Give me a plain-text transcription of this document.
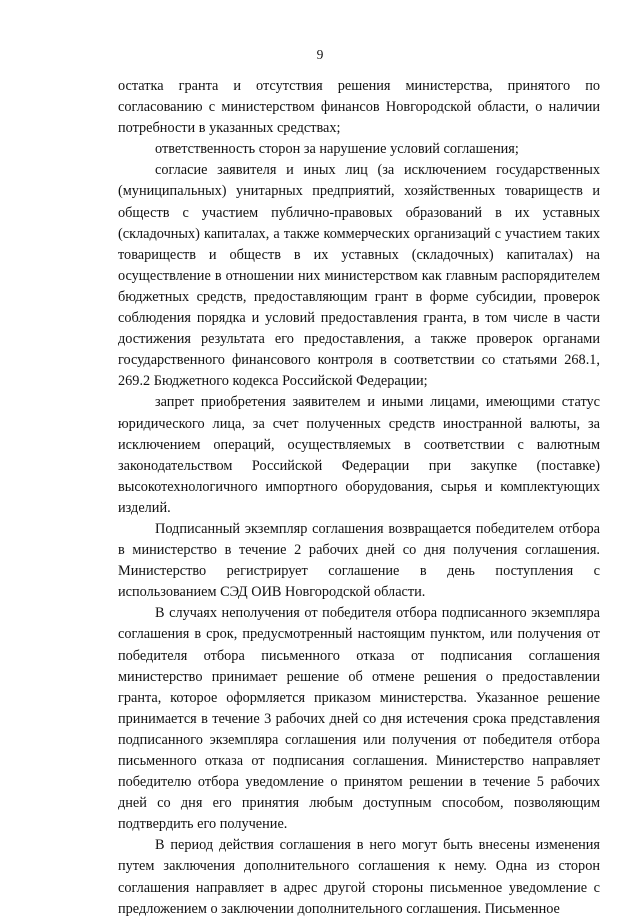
9

остатка гранта и отсутствия решения министерства, принятого по согласованию с министерством финансов Новгородской области, о наличии потребности в указанных средствах;

ответственность сторон за нарушение условий соглашения;

согласие заявителя и иных лиц (за исключением государственных (муниципальных) унитарных предприятий, хозяйственных товариществ и обществ с участием публично-правовых образований в их уставных (складочных) капиталах, а также коммерческих организаций с участием таких товариществ и обществ в их уставных (складочных) капиталах) на осуществление в отношении них министерством как главным распорядителем бюджетных средств, предоставляющим грант в форме субсидии, проверок соблюдения порядка и условий предоставления гранта, в том числе в части достижения результата его предоставления, а также проверок органами государственного финансового контроля в соответствии со статьями 268.1, 269.2 Бюджетного кодекса Российской Федерации;

запрет приобретения заявителем и иными лицами, имеющими статус юридического лица, за счет полученных средств иностранной валюты, за исключением операций, осуществляемых в соответствии с валютным законодательством Российской Федерации при закупке (поставке) высокотехнологичного импортного оборудования, сырья и комплектующих изделий.

Подписанный экземпляр соглашения возвращается победителем отбора в министерство в течение 2 рабочих дней со дня получения соглашения. Министерство регистрирует соглашение в день поступления с использованием СЭД ОИВ Новгородской области.

В случаях неполучения от победителя отбора подписанного экземпляра соглашения в срок, предусмотренный настоящим пунктом, или получения от победителя отбора письменного отказа от подписания соглашения министерство принимает решение об отмене решения о предоставлении гранта, которое оформляется приказом министерства. Указанное решение принимается в течение 3 рабочих дней со дня истечения срока представления подписанного экземпляра соглашения или получения от победителя отбора письменного отказа от подписания соглашения. Министерство направляет победителю отбора уведомление о принятом решении в течение 5 рабочих дней со дня его принятия любым доступным способом, позволяющим подтвердить его получение.

В период действия соглашения в него могут быть внесены изменения путем заключения дополнительного соглашения к нему. Одна из сторон соглашения направляет в адрес другой стороны письменное уведомление с предложением о заключении дополнительного соглашения. Письменное
